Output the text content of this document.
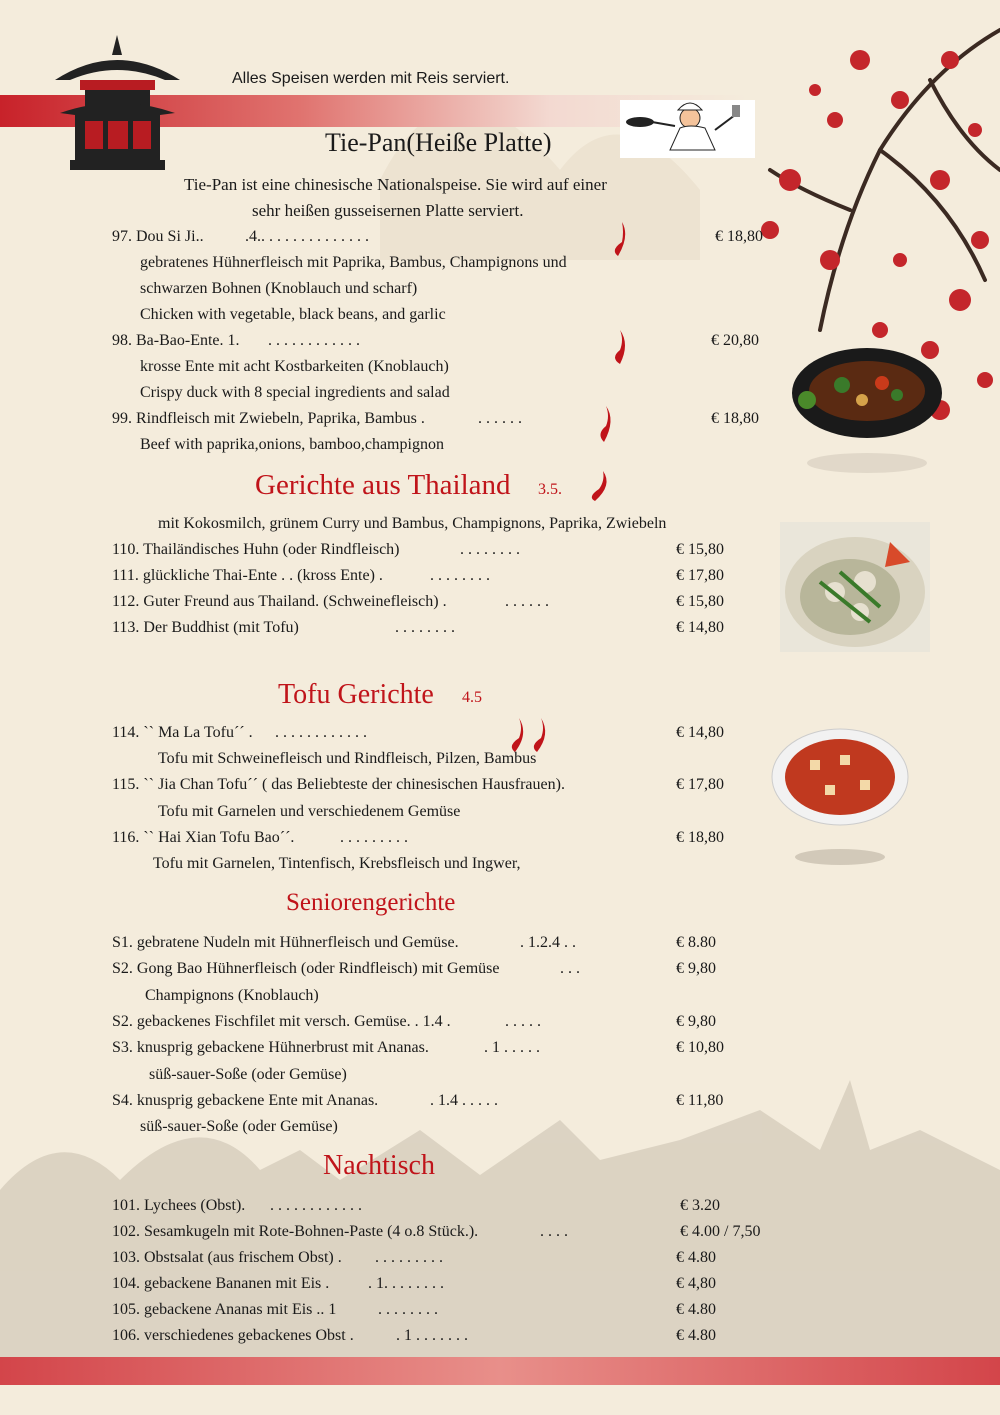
Alles Speisen werden mit Reis serviert.
Tie-Pan(Heiße Platte)
Tie-Pan ist eine chinesische Nationalspeise. Sie wird auf einer
sehr heißen gusseisernen Platte serviert.
97. Dou Si Ji..	.4.. . . . . . . . . . . . . .	€ 18,80
gebratenes Hühnerfleisch mit Paprika, Bambus, Champignons und
schwarzen Bohnen (Knoblauch und scharf)
Chicken with vegetable, black beans, and garlic
98. Ba-Bao-Ente. 1. . . . . . . . . . . . .	€ 20,80
krosse Ente mit acht Kostbarkeiten (Knoblauch)
Crispy duck with 8 special ingredients and salad
99. Rindfleisch mit Zwiebeln, Paprika, Bambus .	. . . . . .	€ 18,80
Beef with paprika,onions, bamboo,champignon
Gerichte aus Thailand 3.5.
mit Kokosmilch, grünem Curry und Bambus, Champignons, Paprika, Zwiebeln
110. Thailändisches Huhn (oder Rindfleisch)	. . . . . . . .	€ 15,80
111. glückliche Thai-Ente . . (kross Ente) .	. . . . . . . .	€ 17,80
112. Guter Freund aus Thailand. (Schweinefleisch) .	. . . . . .	€ 15,80
113. Der Buddhist (mit Tofu)	. . . . . . . .	€ 14,80
Tofu Gerichte 4.5
114. `` Ma La Tofu´´ . . . . . . . . . . . . .	€ 14,80
Tofu mit Schweinefleisch und Rindfleisch, Pilzen, Bambus
115. `` Jia Chan Tofu´´ ( das Beliebteste der chinesischen Hausfrauen).	€ 17,80
Tofu mit Garnelen und verschiedenem Gemüse
116. `` Hai Xian Tofu Bao´´.	. . . . . . . . .	€ 18,80
Tofu mit Garnelen, Tintenfisch, Krebsfleisch und Ingwer,
Seniorengerichte
S1. gebratene Nudeln mit Hühnerfleisch und Gemüse.	. 1.2.4 . .	€ 8.80
S2. Gong Bao Hühnerfleisch (oder Rindfleisch) mit Gemüse	. . .	€ 9,80
Champignons (Knoblauch)
S2. gebackenes Fischfilet mit versch. Gemüse. . 1.4 .	. . . . .	€ 9,80
S3. knusprig gebackene Hühnerbrust mit Ananas.	. 1 . . . . .	€ 10,80
süß-sauer-Soße (oder Gemüse)
S4. knusprig gebackene Ente mit Ananas.	. 1.4 . . . . .	€ 11,80
süß-sauer-Soße (oder Gemüse)
Nachtisch
101. Lychees (Obst). . . . . . . . . . . . .	€ 3.20
102. Sesamkugeln mit Rote-Bohnen-Paste (4 o.8 Stück.).	. . . .	€ 4.00 / 7,50
103. Obstsalat (aus frischem Obst) . . . . . . . . . .	€ 4.80
104. gebackene Bananen mit Eis . . 1. . . . . . . .	€ 4,80
105. gebackene Ananas mit Eis .. 1	. . . . . . . .	€ 4.80
106. verschiedenes gebackenes Obst .	. 1 . . . . . . .	€ 4.80
